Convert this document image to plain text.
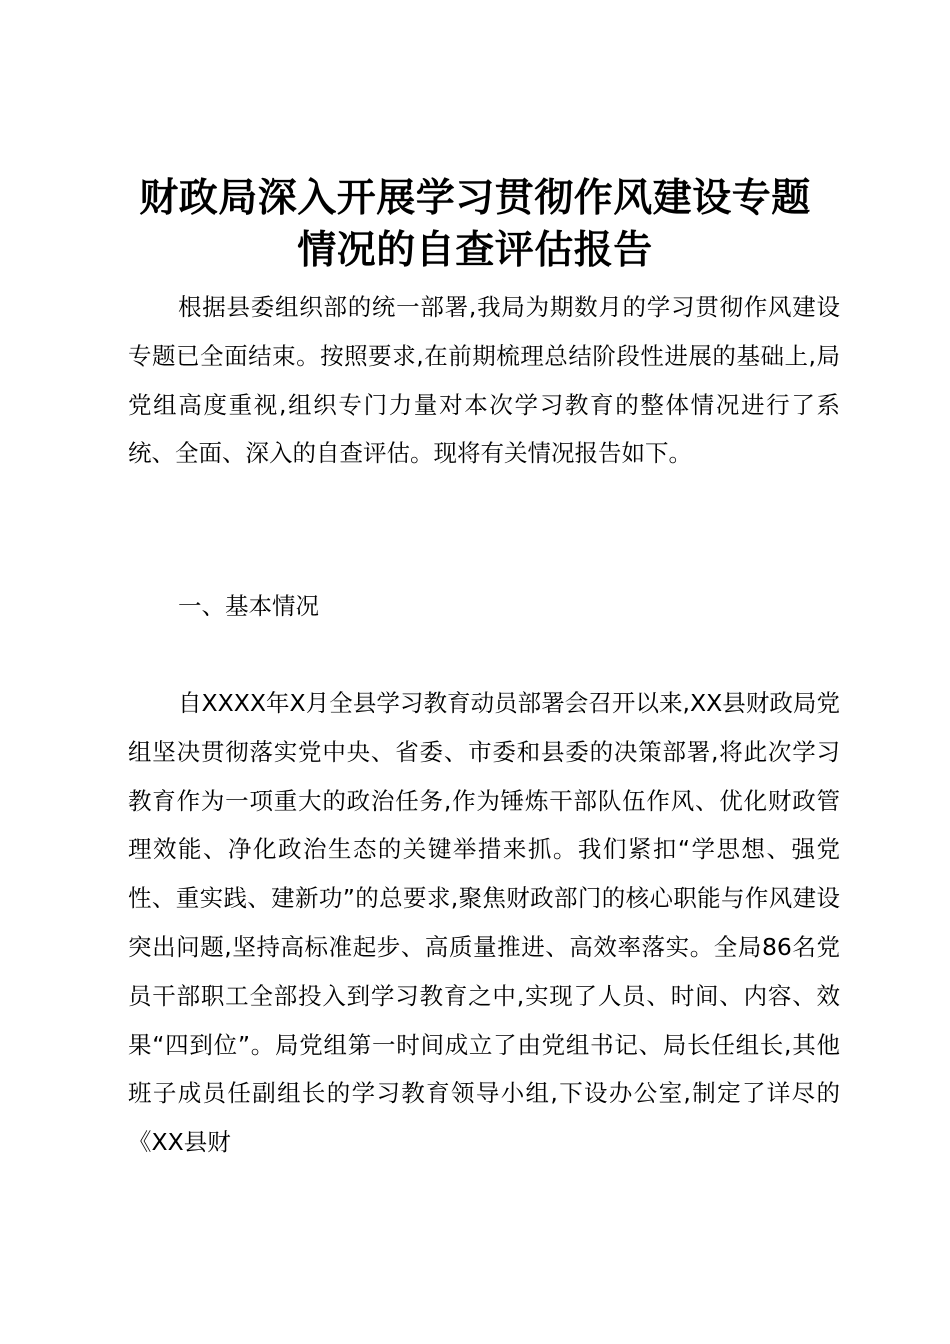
财政局深入开展学习贯彻作风建设专题
情况的自查评估报告

根据县委组织部的统一部署,我局为期数月的学习贯彻作风建设专题已全面结束。按照要求,在前期梳理总结阶段性进展的基础上,局党组高度重视,组织专门力量对本次学习教育的整体情况进行了系统、全面、深入的自查评估。现将有关情况报告如下。

一、基本情况

自XXXX年X月全县学习教育动员部署会召开以来,XX县财政局党组坚决贯彻落实党中央、省委、市委和县委的决策部署,将此次学习教育作为一项重大的政治任务,作为锤炼干部队伍作风、优化财政管理效能、净化政治生态的关键举措来抓。我们紧扣“学思想、强党性、重实践、建新功”的总要求,聚焦财政部门的核心职能与作风建设突出问题,坚持高标准起步、高质量推进、高效率落实。全局86名党员干部职工全部投入到学习教育之中,实现了人员、时间、内容、效果“四到位”。局党组第一时间成立了由党组书记、局长任组长,其他班子成员任副组长的学习教育领导小组,下设办公室,制定了详尽的《XX县财
